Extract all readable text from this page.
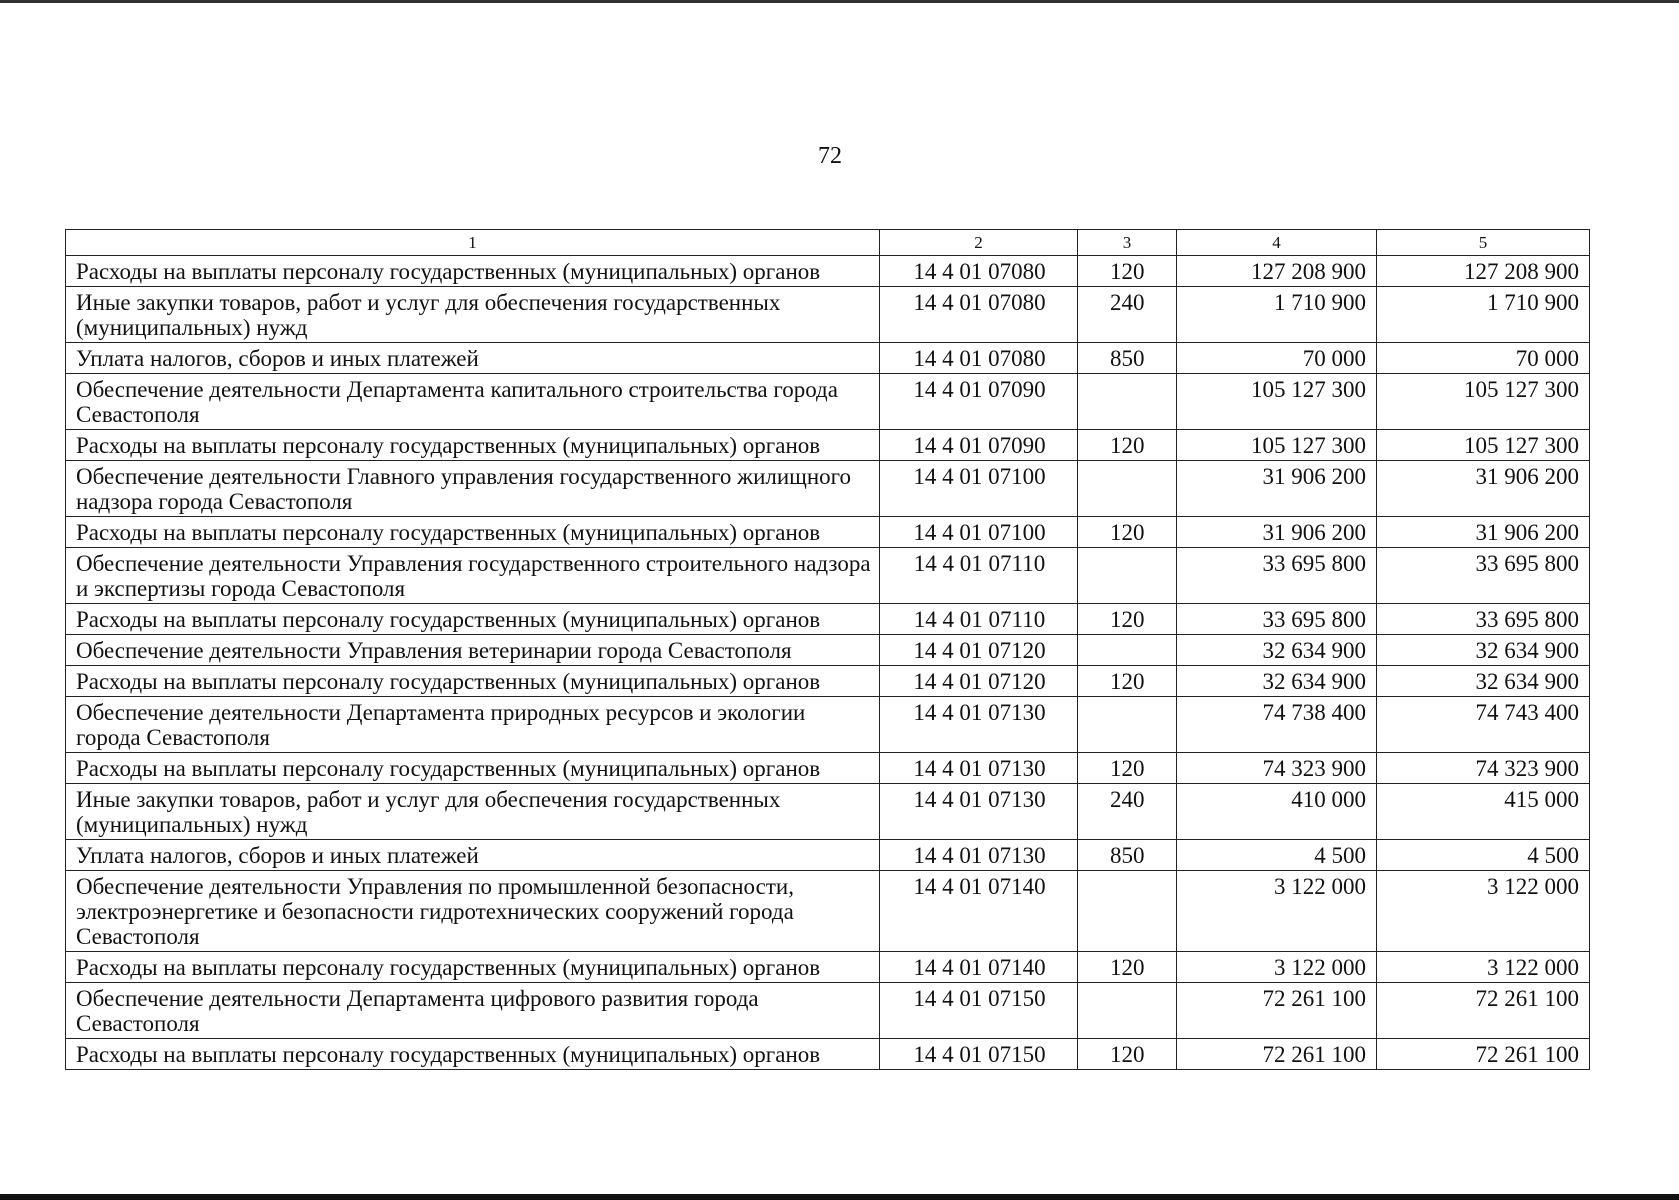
72
1	2	3	4	5
Расходы на выплаты персоналу государственных (муниципальных) органов	14 4 01 07080	120	127 208 900	127 208 900
Иные закупки товаров, работ и услуг для обеспечения государственных (муниципальных) нужд	14 4 01 07080	240	1 710 900	1 710 900
Уплата налогов, сборов и иных платежей	14 4 01 07080	850	70 000	70 000
Обеспечение деятельности Департамента капитального строительства города Севастополя	14 4 01 07090		105 127 300	105 127 300
Расходы на выплаты персоналу государственных (муниципальных) органов	14 4 01 07090	120	105 127 300	105 127 300
Обеспечение деятельности Главного управления государственного жилищного надзора города Севастополя	14 4 01 07100		31 906 200	31 906 200
Расходы на выплаты персоналу государственных (муниципальных) органов	14 4 01 07100	120	31 906 200	31 906 200
Обеспечение деятельности Управления государственного строительного надзора и экспертизы города Севастополя	14 4 01 07110		33 695 800	33 695 800
Расходы на выплаты персоналу государственных (муниципальных) органов	14 4 01 07110	120	33 695 800	33 695 800
Обеспечение деятельности Управления ветеринарии города Севастополя	14 4 01 07120		32 634 900	32 634 900
Расходы на выплаты персоналу государственных (муниципальных) органов	14 4 01 07120	120	32 634 900	32 634 900
Обеспечение деятельности Департамента природных ресурсов и экологии города Севастополя	14 4 01 07130		74 738 400	74 743 400
Расходы на выплаты персоналу государственных (муниципальных) органов	14 4 01 07130	120	74 323 900	74 323 900
Иные закупки товаров, работ и услуг для обеспечения государственных (муниципальных) нужд	14 4 01 07130	240	410 000	415 000
Уплата налогов, сборов и иных платежей	14 4 01 07130	850	4 500	4 500
Обеспечение деятельности Управления по промышленной безопасности, электроэнергетике и безопасности гидротехнических сооружений города Севастополя	14 4 01 07140		3 122 000	3 122 000
Расходы на выплаты персоналу государственных (муниципальных) органов	14 4 01 07140	120	3 122 000	3 122 000
Обеспечение деятельности Департамента цифрового развития города Севастополя	14 4 01 07150		72 261 100	72 261 100
Расходы на выплаты персоналу государственных (муниципальных) органов	14 4 01 07150	120	72 261 100	72 261 100
